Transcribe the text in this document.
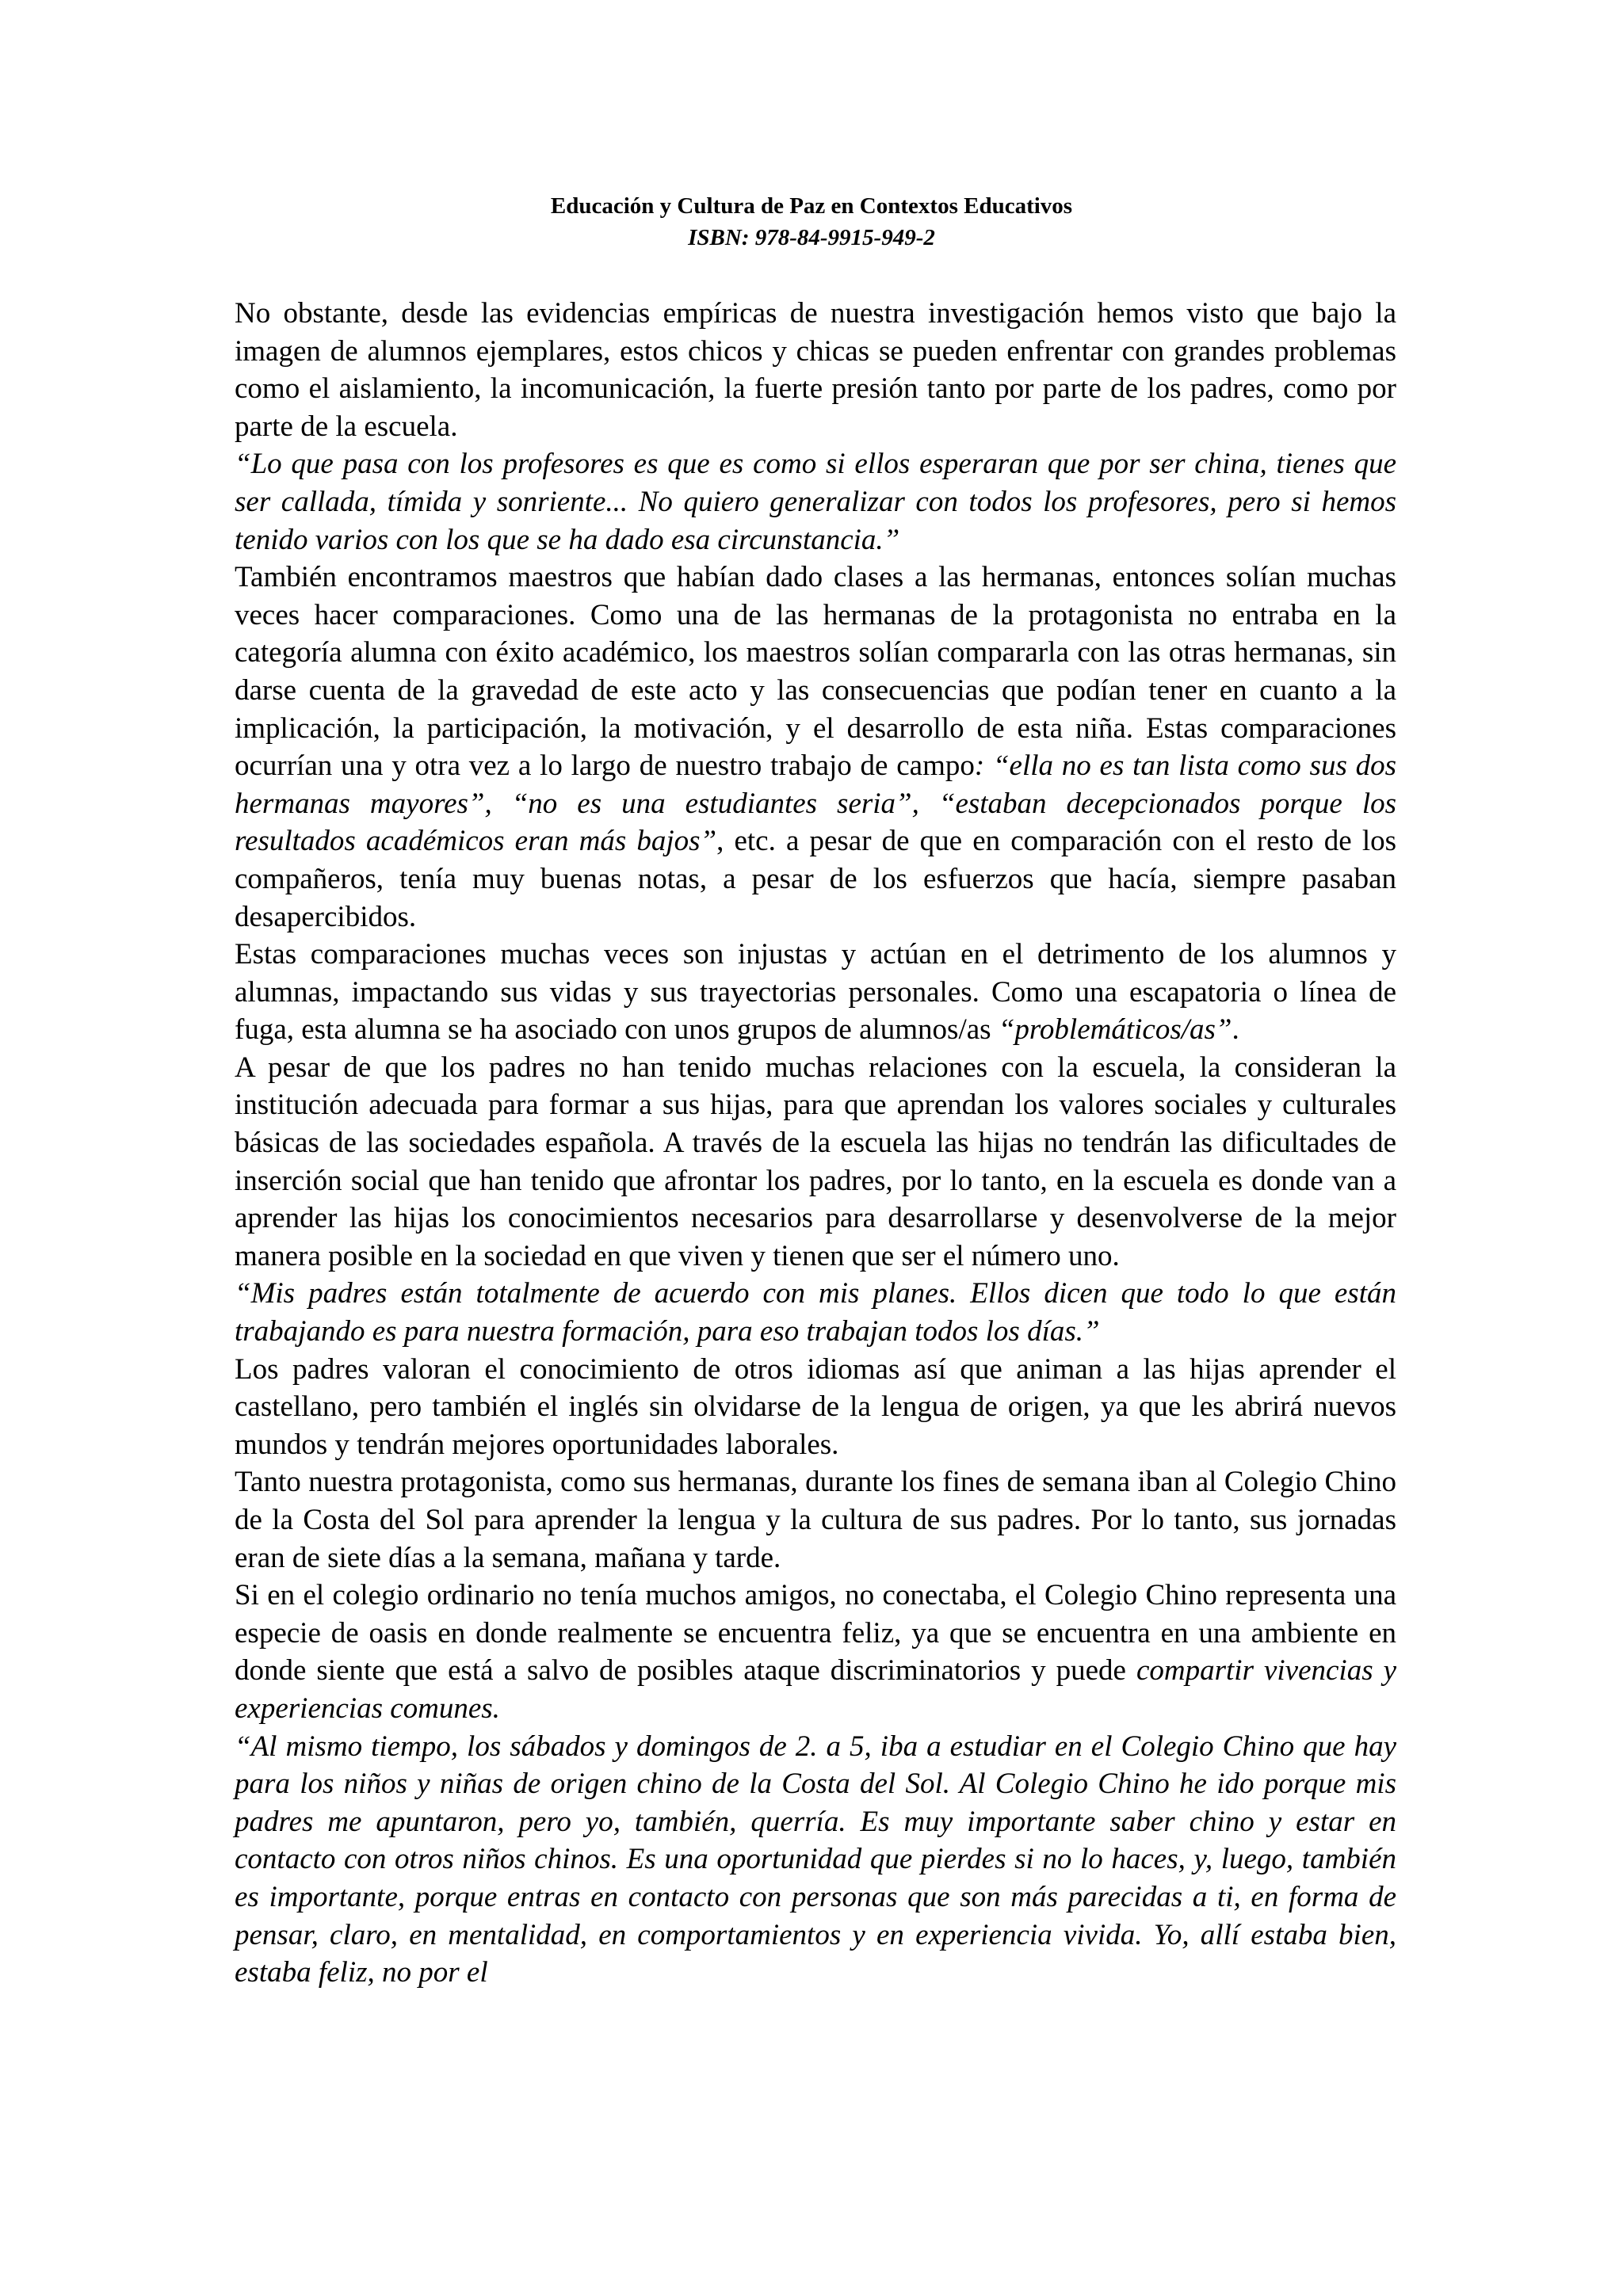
Educación y Cultura de Paz en Contextos Educativos
ISBN: 978-84-9915-949-2

No obstante, desde las evidencias empíricas de nuestra investigación hemos visto que bajo la imagen de alumnos ejemplares, estos chicos y chicas se pueden enfrentar con grandes problemas como el aislamiento, la incomunicación, la fuerte presión tanto por parte de los padres, como por parte de la escuela.

“Lo que pasa con los profesores es que es como si ellos esperaran que por ser china, tienes que ser callada, tímida y sonriente... No quiero generalizar con todos los profesores, pero si hemos tenido varios con los que se ha dado esa circunstancia.”

También encontramos maestros que habían dado clases a las hermanas, entonces solían muchas veces hacer comparaciones. Como una de las hermanas de la protagonista no entraba en la categoría alumna con éxito académico, los maestros solían compararla con las otras hermanas, sin darse cuenta de la gravedad de este acto y las consecuencias que podían tener en cuanto a la implicación, la participación, la motivación, y el desarrollo de esta niña. Estas comparaciones ocurrían una y otra vez a lo largo de nuestro trabajo de campo: “ella no es tan lista como sus dos hermanas mayores”, “no es una estudiantes seria”, “estaban decepcionados porque los resultados académicos eran más bajos”, etc. a pesar de que en comparación con el resto de los compañeros, tenía muy buenas notas, a pesar de los esfuerzos que hacía, siempre pasaban desapercibidos.

Estas comparaciones muchas veces son injustas y actúan en el detrimento de los alumnos y alumnas, impactando sus vidas y sus trayectorias personales. Como una escapatoria o línea de fuga, esta alumna se ha asociado con unos grupos de alumnos/as “problemáticos/as”.

A pesar de que los padres no han tenido muchas relaciones con la escuela, la consideran la institución adecuada para formar a sus hijas, para que aprendan los valores sociales y culturales básicas de las sociedades española. A través de la escuela las hijas no tendrán las dificultades de inserción social que han tenido que afrontar los padres, por lo tanto, en la escuela es donde van a aprender las hijas los conocimientos necesarios para desarrollarse y desenvolverse de la mejor manera posible en la sociedad en que viven y tienen que ser el número uno.

“Mis padres están totalmente de acuerdo con mis planes. Ellos dicen que todo lo que están trabajando es para nuestra formación, para eso trabajan todos los días.”

Los padres valoran el conocimiento de otros idiomas así que animan a las hijas aprender el castellano, pero también el inglés sin olvidarse de la lengua de origen, ya que les abrirá nuevos mundos y tendrán mejores oportunidades laborales.

Tanto nuestra protagonista, como sus hermanas, durante los fines de semana iban al Colegio Chino de la Costa del Sol para aprender la lengua y la cultura de sus padres. Por lo tanto, sus jornadas eran de siete días a la semana, mañana y tarde.

Si en el colegio ordinario no tenía muchos amigos, no conectaba, el Colegio Chino representa una especie de oasis en donde realmente se encuentra feliz, ya que se encuentra en una ambiente en donde siente que está a salvo de posibles ataque discriminatorios y puede compartir vivencias y experiencias comunes.

“Al mismo tiempo, los sábados y domingos de 2. a 5, iba a estudiar en el Colegio Chino que hay para los niños y niñas de origen chino de la Costa del Sol. Al Colegio Chino he ido porque mis padres me apuntaron, pero yo, también, querría. Es muy importante saber chino y estar en contacto con otros niños chinos. Es una oportunidad que pierdes si no lo haces, y, luego, también es importante, porque entras en contacto con personas que son más parecidas a ti, en forma de pensar, claro, en mentalidad, en comportamientos y en experiencia vivida. Yo, allí estaba bien, estaba feliz, no por el
